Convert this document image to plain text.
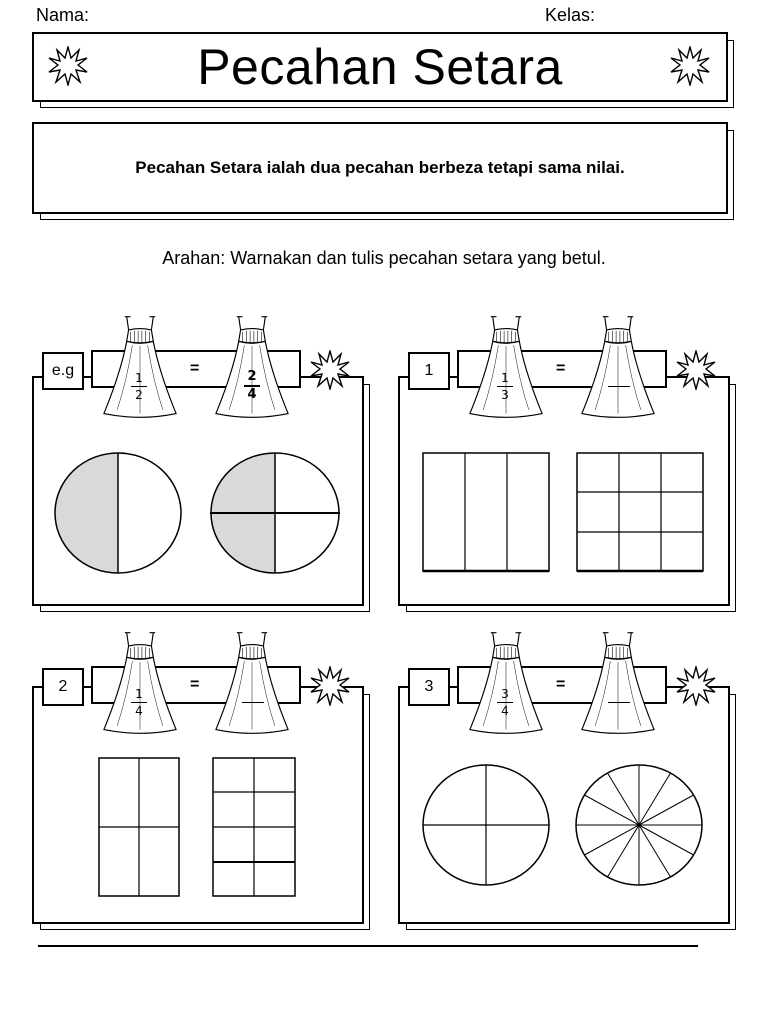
Nama:	Kelas:
Pecahan Setara
Pecahan Setara ialah dua pecahan berbeza tetapi sama nilai.
Arahan: Warnakan dan tulis pecahan setara yang betul.
e.g	1
2
=	2
4
1	1
3
=
2	1
4
=	3	3
4
=
